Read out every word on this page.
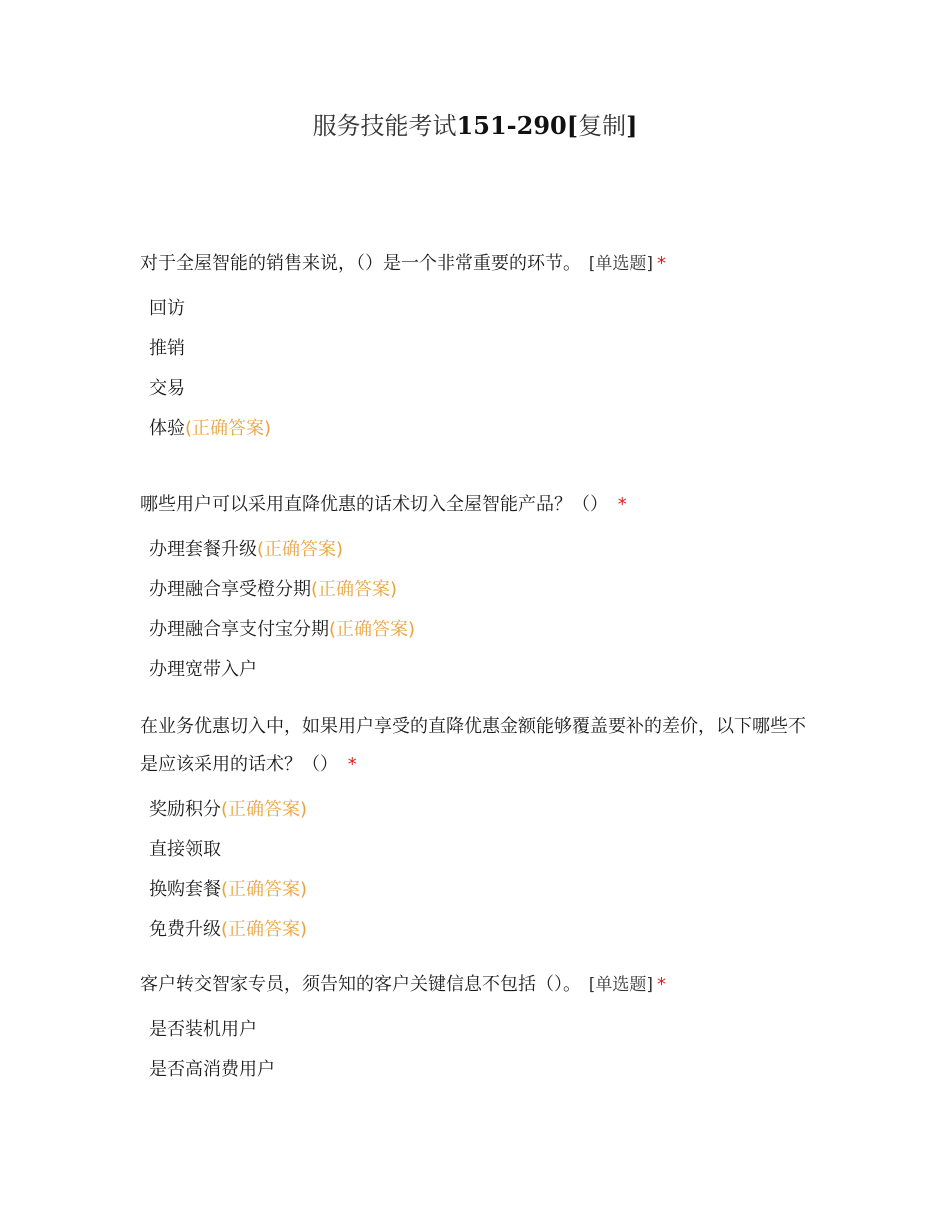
服务技能考试151-290[复制]

对于全屋智能的销售来说，（）是一个非常重要的环节。 [单选题] *

回访
推销
交易
体验(正确答案)

哪些用户可以采用直降优惠的话术切入全屋智能产品？（） *

办理套餐升级(正确答案)
办理融合享受橙分期(正确答案)
办理融合享支付宝分期(正确答案)
办理宽带入户

在业务优惠切入中，如果用户享受的直降优惠金额能够覆盖要补的差价，以下哪些不是应该采用的话术？（） *

奖励积分(正确答案)
直接领取
换购套餐(正确答案)
免费升级(正确答案)

客户转交智家专员，须告知的客户关键信息不包括（）。 [单选题] *

是否装机用户
是否高消费用户
